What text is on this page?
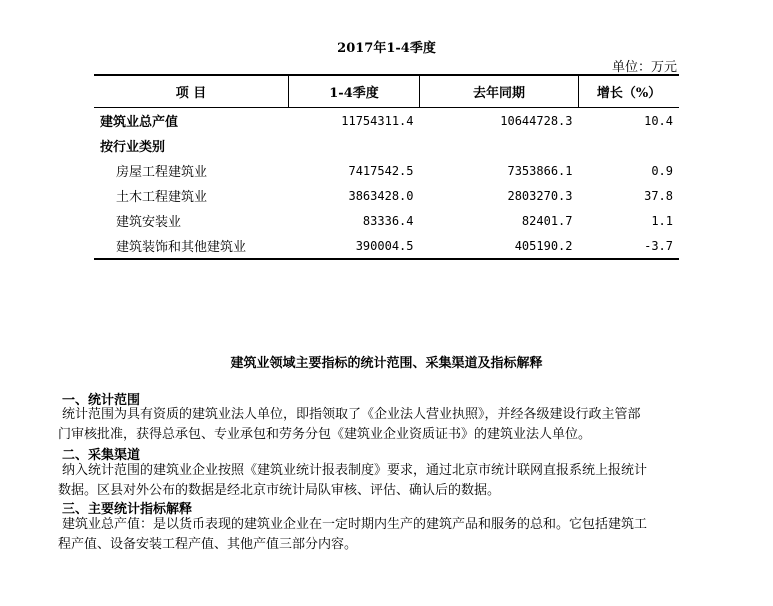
2017年1-4季度
单位：万元
项 目	1-4季度	去年同期	增长（%）
建筑业总产值	11754311.4	10644728.3	10.4
按行业类别			
房屋工程建筑业	7417542.5	7353866.1	0.9
土木工程建筑业	3863428.0	2803270.3	37.8
建筑安装业	83336.4	82401.7	1.1
建筑装饰和其他建筑业	390004.5	405190.2	-3.7
建筑业领域主要指标的统计范围、采集渠道及指标解释
一、统计范围
统计范围为具有资质的建筑业法人单位，即指领取了《企业法人营业执照》，并经各级建设行政主管部
门审核批准，获得总承包、专业承包和劳务分包《建筑业企业资质证书》的建筑业法人单位。
二、采集渠道
纳入统计范围的建筑业企业按照《建筑业统计报表制度》要求，通过北京市统计联网直报系统上报统计
数据。区县对外公布的数据是经北京市统计局队审核、评估、确认后的数据。
三、主要统计指标解释
建筑业总产值：是以货币表现的建筑业企业在一定时期内生产的建筑产品和服务的总和。它包括建筑工
程产值、设备安装工程产值、其他产值三部分内容。
